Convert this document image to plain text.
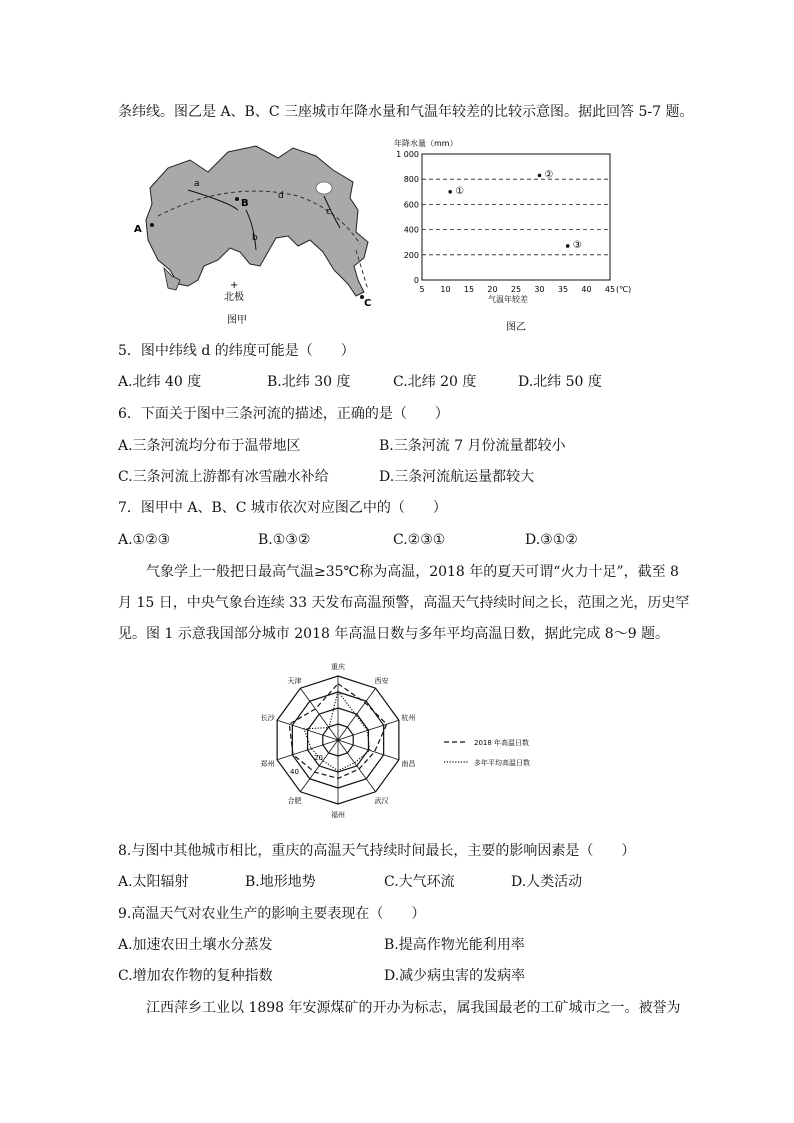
条纬线。图乙是 A、B、C 三座城市年降水量和气温年较差的比较示意图。据此回答 5-7 题。
a
b
c
d
A
B
C
+
北极
图甲
年降水量（mm）
0
200
400
600
800
1 000
5 10 15 20 25 30 35 40 45 (℃)
气温年较差
①
②
③
图乙
5．图中纬线 d 的纬度可能是（　　）
A.北纬 40 度	B.北纬 30 度	C.北纬 20 度	D.北纬 50 度
6．下面关于图中三条河流的描述，正确的是（　　）
A.三条河流均分布于温带地区	B.三条河流 7 月份流量都较小
C.三条河流上游都有冰雪融水补给	D.三条河流航运量都较大
7．图甲中 A、B、C 城市依次对应图乙中的（　　）
A.①②③	B.①③②	C.②③①	D.③①②
气象学上一般把日最高气温≥35℃称为高温，2018 年的夏天可谓“火力十足”，截至 8
月 15 日，中央气象台连续 33 天发布高温预警，高温天气持续时间之长，范围之光，历史罕
见。图 1 示意我国部分城市 2018 年高温日数与多年平均高温日数，据此完成 8～9 题。
重庆
西安
杭州
南昌
武汉
福州
合肥
郑州
长沙
天津
20
40
2018 年高温日数
多年平均高温日数
8.与图中其他城市相比，重庆的高温天气持续时间最长，主要的影响因素是（　　）
A.太阳辐射	B.地形地势	C.大气环流	D.人类活动
9.高温天气对农业生产的影响主要表现在（　　）
A.加速农田土壤水分蒸发	B.提高作物光能利用率
C.增加农作物的复种指数	D.减少病虫害的发病率
江西萍乡工业以 1898 年安源煤矿的开办为标志，属我国最老的工矿城市之一。被誉为
